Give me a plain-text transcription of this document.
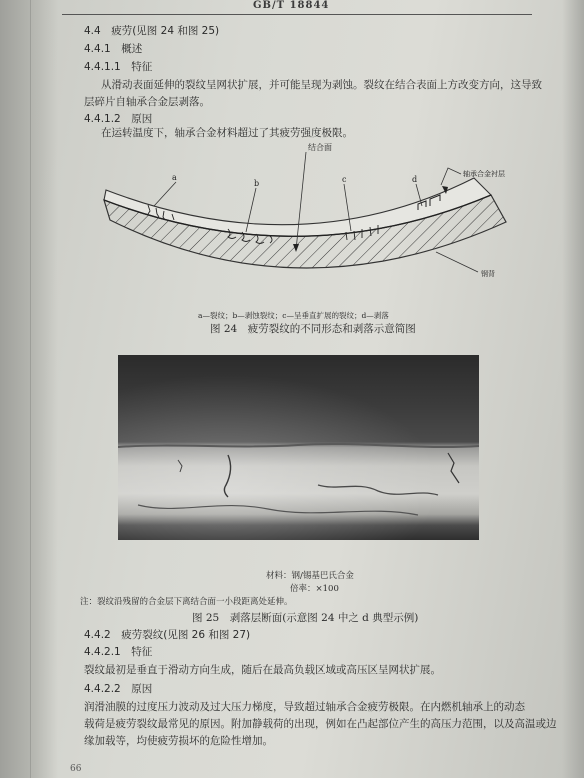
GB/T 18844
4.4　疲劳(见图 24 和图 25)
4.4.1　概述
4.4.1.1　特征
从滑动表面延伸的裂纹呈网状扩展，并可能呈现为剥蚀。裂纹在结合表面上方改变方向，这导致
层碎片自轴承合金层剥落。
4.4.1.2　原因
在运转温度下，轴承合金材料超过了其疲劳强度极限。
结合面
a
b	c	d
轴承合金衬层
钢背
a—裂纹；b—剥蚀裂纹；c—呈垂直扩展的裂纹；d—剥落
图 24　疲劳裂纹的不同形态和剥落示意简图
材料：钢/锡基巴氏合金
倍率：×100
注：裂纹沿残留的合金层下离结合面一小段距离处延伸。
图 25　剥落层断面(示意图 24 中之 d 典型示例)
4.4.2　疲劳裂纹(见图 26 和图 27)
4.4.2.1　特征
裂纹最初是垂直于滑动方向生成，随后在最高负载区域或高压区呈网状扩展。
4.4.2.2　原因
润滑油膜的过度压力波动及过大压力梯度，导致超过轴承合金疲劳极限。在内燃机轴承上的动态
载荷是疲劳裂纹最常见的原因。附加静载荷的出现，例如在凸起部位产生的高压力范围，以及高温或边
缘加载等，均使疲劳损坏的危险性增加。
66
